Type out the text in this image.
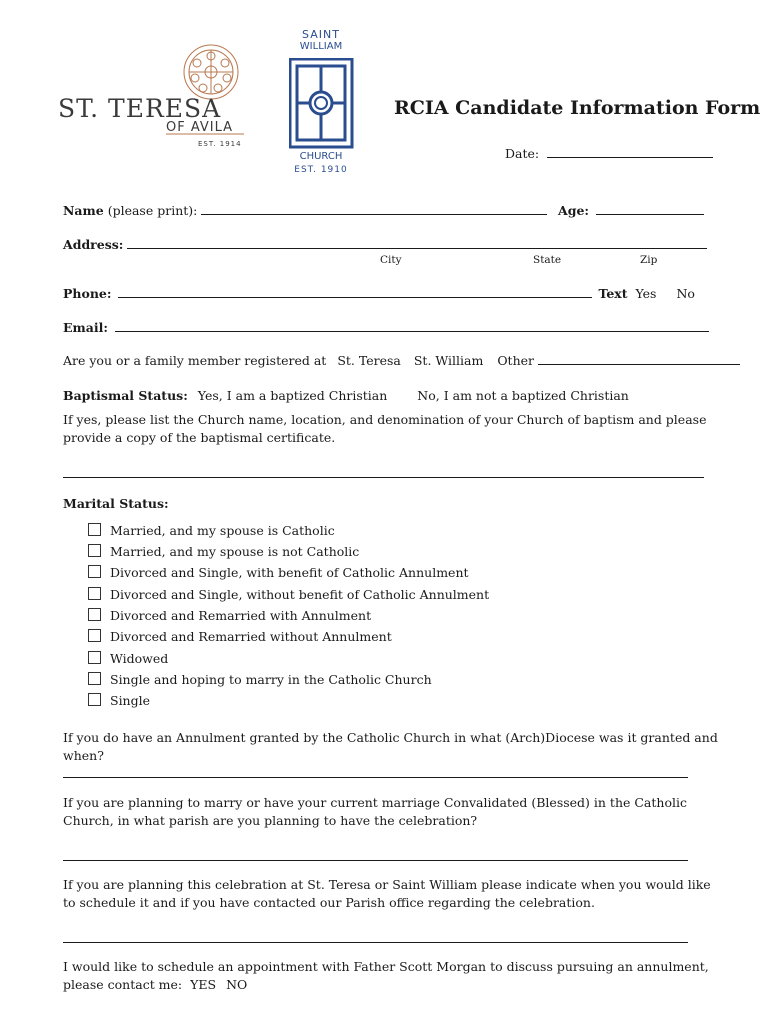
ST. TERESA
OF AVILA
EST. 1914
SAINT
WILLIAM
CHURCH
EST. 1910
RCIA Candidate Information Form
Date:
Name (please print):	Age:
Address:
City	State	Zip
Phone:	Text Yes No
Email:
Are you or a family member registered at St. Teresa St. William Other
Baptismal Status: Yes, I am a baptized Christian No, I am not a baptized Christian
If yes, please list the Church name, location, and denomination of your Church of baptism and please provide a copy of the baptismal certificate.
Marital Status:
Married, and my spouse is Catholic
Married, and my spouse is not Catholic
Divorced and Single, with benefit of Catholic Annulment
Divorced and Single, without benefit of Catholic Annulment
Divorced and Remarried with Annulment
Divorced and Remarried without Annulment
Widowed
Single and hoping to marry in the Catholic Church
Single
If you do have an Annulment granted by the Catholic Church in what (Arch)Diocese was it granted and when?
If you are planning to marry or have your current marriage Convalidated (Blessed) in the Catholic Church, in what parish are you planning to have the celebration?
If you are planning this celebration at St. Teresa or Saint William please indicate when you would like to schedule it and if you have contacted our Parish office regarding the celebration.
I would like to schedule an appointment with Father Scott Morgan to discuss pursuing an annulment, please contact me: YES NO
